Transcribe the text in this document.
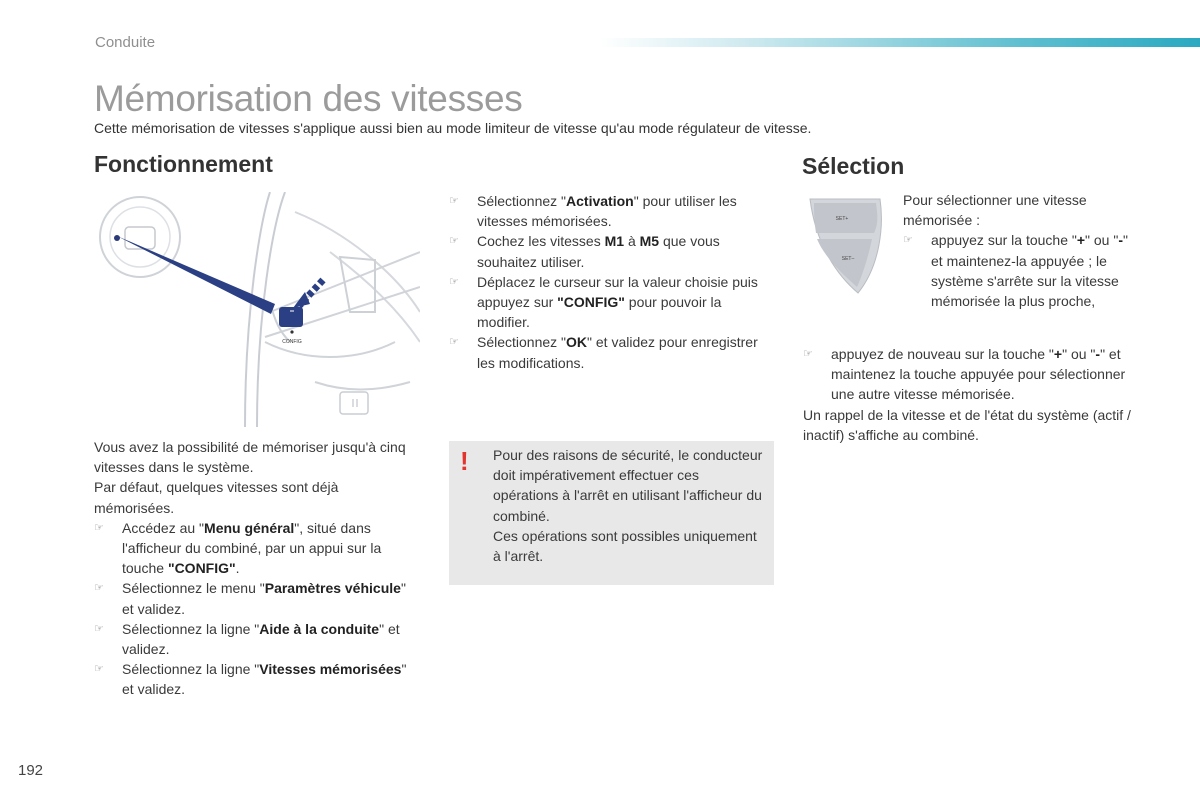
Conduite
Mémorisation des vitesses
Cette mémorisation de vitesses s'applique aussi bien au mode limiteur de vitesse qu'au mode régulateur de vitesse.
Fonctionnement
CONFIG
Vous avez la possibilité de mémoriser jusqu'à cinq vitesses dans le système.
Par défaut, quelques vitesses sont déjà mémorisées.
☞ Accédez au "Menu général", situé dans l'afficheur du combiné, par un appui sur la touche "CONFIG".
☞ Sélectionnez le menu "Paramètres véhicule" et validez.
☞ Sélectionnez la ligne "Aide à la conduite" et validez.
☞ Sélectionnez la ligne "Vitesses mémorisées" et validez.
☞ Sélectionnez "Activation" pour utiliser les vitesses mémorisées.
☞ Cochez les vitesses M1 à M5 que vous souhaitez utiliser.
☞ Déplacez le curseur sur la valeur choisie puis appuyez sur "CONFIG" pour pouvoir la modifier.
☞ Sélectionnez "OK" et validez pour enregistrer les modifications.
! Pour des raisons de sécurité, le conducteur doit impérativement effectuer ces opérations à l'arrêt en utilisant l'afficheur du combiné.
Ces opérations sont possibles uniquement à l'arrêt.
Sélection
SET+
SET–
Pour sélectionner une vitesse mémorisée :
☞ appuyez sur la touche "+" ou "-" et maintenez-la appuyée ; le système s'arrête sur la vitesse mémorisée la plus proche,
☞ appuyez de nouveau sur la touche "+" ou "-" et maintenez la touche appuyée pour sélectionner une autre vitesse mémorisée.
Un rappel de la vitesse et de l'état du système (actif / inactif) s'affiche au combiné.
192
